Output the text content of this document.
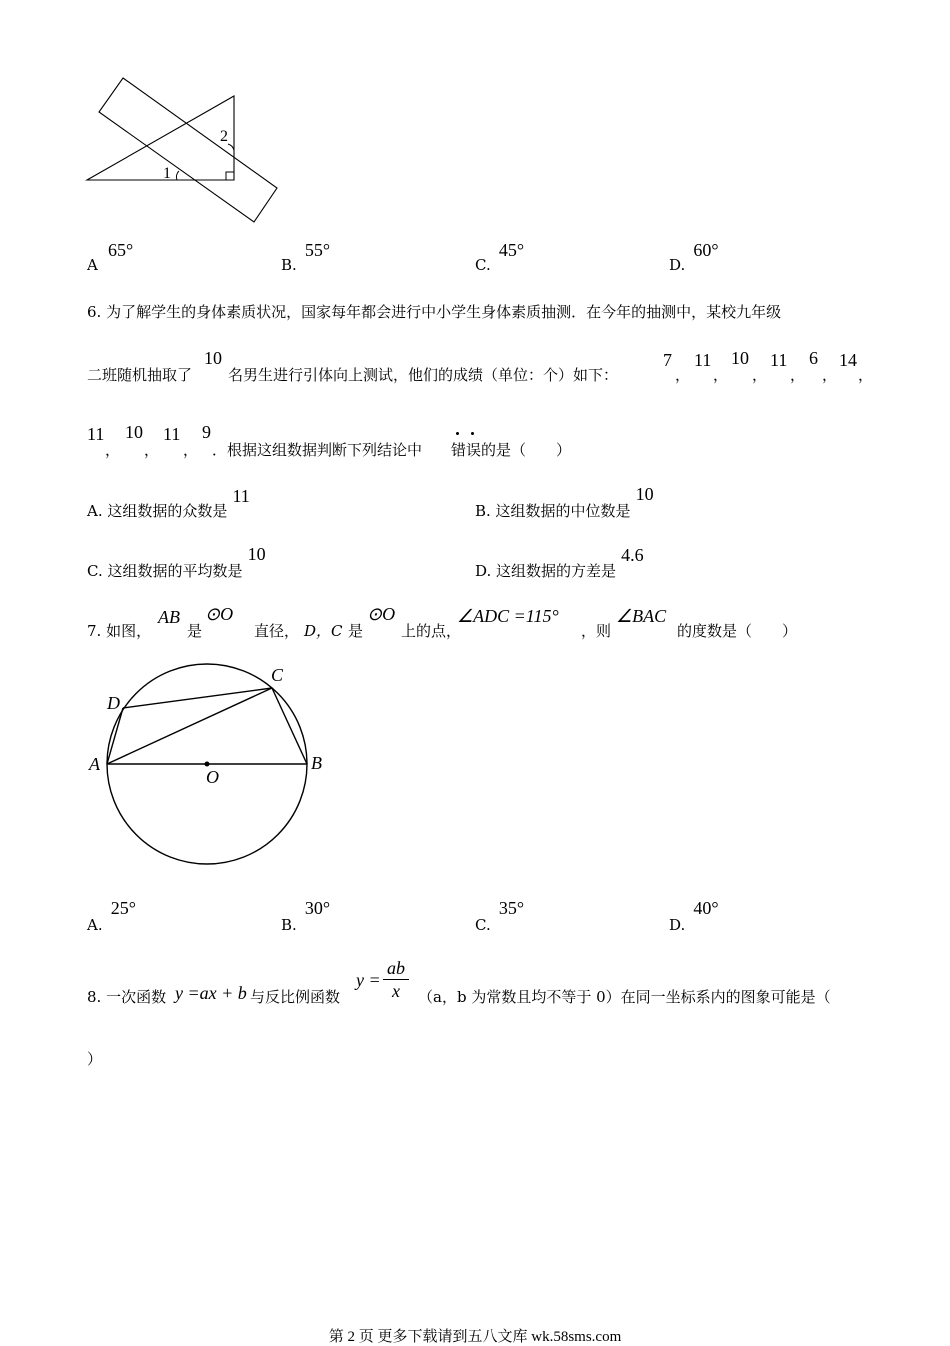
1
2
A 65°
B. 55°
C. 45°
D. 60°
6. 为了解学生的身体素质状况，国家每年都会进行中小学生身体素质抽测．在今年的抽测中，某校九年级
二班随机抽取了
10
名男生进行引体向上测试，他们的成绩（单位：个）如下：
7
，
11
，
10
，
11
，
6
，
14
，
11
，
10
，
11
，
9
．根据这组数据判断下列结论中 错误 的是（　　）
A. 这组数据的众数是 11
B. 这组数据的中位数是 10
C. 这组数据的平均数是 10
D. 这组数据的方差是 4.6
7. 如图，
AB
是
⊙O
直径， D，C 是
⊙O
上的点，
∠ADC =115°
，则
∠BAC
的度数是（　　）
A	B
C
D
O
A. 25°
B. 30°
C. 35°
D. 40°
8. 一次函数 y =ax + b 与反比例函数
y =
ab
x	（a，b 为常数且均不等于 0）在同一坐标系内的图象可能是（
）
第 2 页 更多下载请到五八文库 wk.58sms.com
